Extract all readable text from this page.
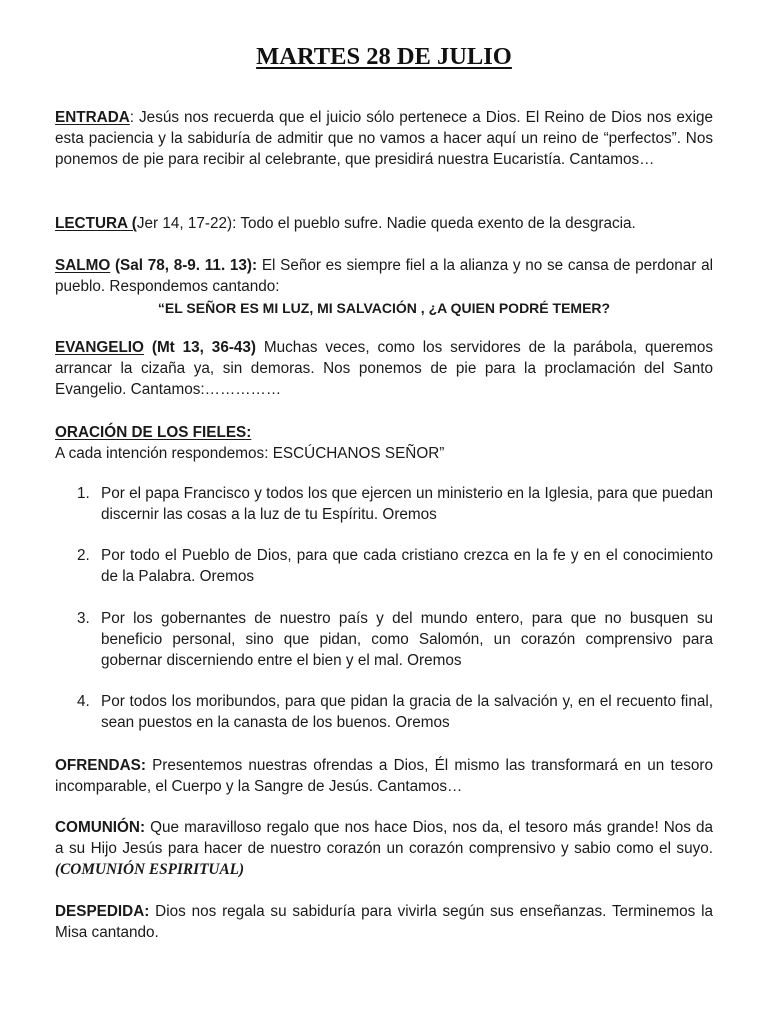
MARTES 28 DE JULIO

ENTRADA: Jesús nos recuerda que el juicio sólo pertenece a Dios. El Reino de Dios nos exige esta paciencia y la sabiduría de admitir que no vamos a hacer aquí un reino de “perfectos”. Nos ponemos de pie para recibir al celebrante, que presidirá nuestra Eucaristía. Cantamos…

LECTURA (Jer 14, 17-22): Todo el pueblo sufre. Nadie queda exento de la desgracia.

SALMO (Sal 78, 8-9. 11. 13): El Señor es siempre fiel a la alianza y no se cansa de perdonar al pueblo. Respondemos cantando:

“EL SEÑOR ES MI LUZ, MI SALVACIÓN , ¿A QUIEN PODRÉ TEMER?

EVANGELIO (Mt 13, 36-43) Muchas veces, como los servidores de la parábola, queremos arrancar la cizaña ya, sin demoras. Nos ponemos de pie para la proclamación del Santo Evangelio. Cantamos:……………

ORACIÓN DE LOS FIELES:

A cada intención respondemos: ESCÚCHANOS SEÑOR”

1. Por el papa Francisco y todos los que ejercen un ministerio en la Iglesia, para que puedan discernir las cosas a la luz de tu Espíritu. Oremos
2. Por todo el Pueblo de Dios, para que cada cristiano crezca en la fe y en el conocimiento de la Palabra. Oremos
3. Por los gobernantes de nuestro país y del mundo entero, para que no busquen su beneficio personal, sino que pidan, como Salomón, un corazón comprensivo para gobernar discerniendo entre el bien y el mal. Oremos
4. Por todos los moribundos, para que pidan la gracia de la salvación y, en el recuento final, sean puestos en la canasta de los buenos. Oremos

OFRENDAS: Presentemos nuestras ofrendas a Dios, Él mismo las transformará en un tesoro incomparable, el Cuerpo y la Sangre de Jesús. Cantamos…

COMUNIÓN: Que maravilloso regalo que nos hace Dios, nos da, el tesoro más grande! Nos da a su Hijo Jesús para hacer de nuestro corazón un corazón comprensivo y sabio como el suyo. (COMUNIÓN ESPIRITUAL)

DESPEDIDA: Dios nos regala su sabiduría para vivirla según sus enseñanzas. Terminemos la Misa cantando.
